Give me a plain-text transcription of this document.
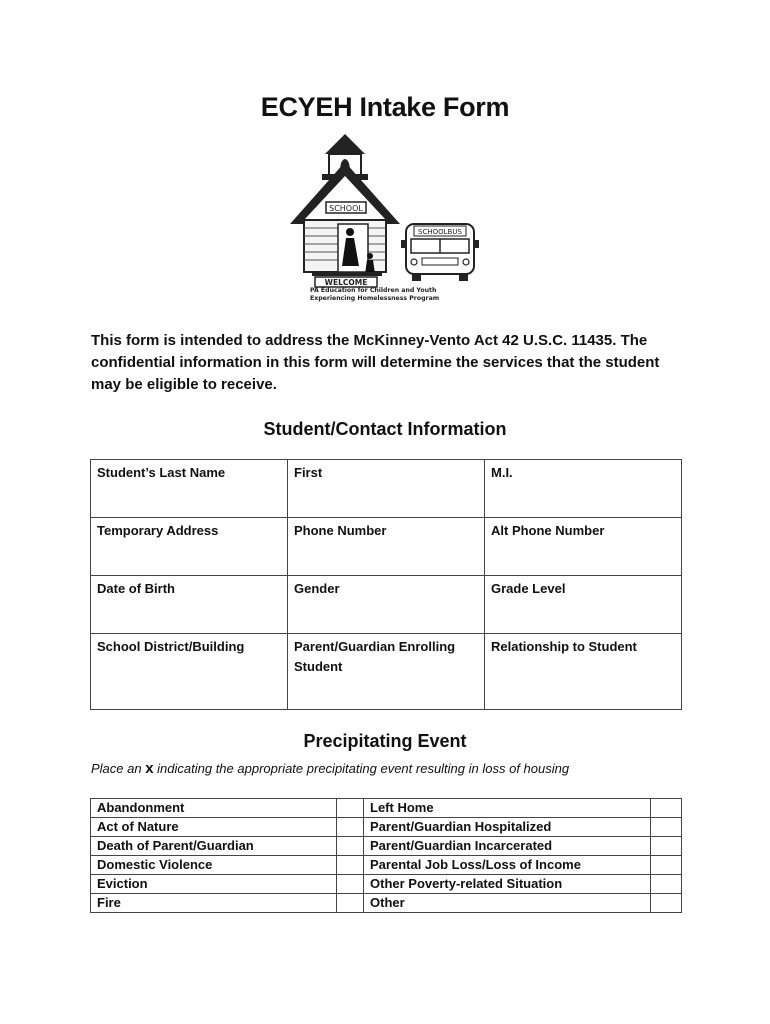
ECYEH Intake Form
SCHOOL
WELCOME
SCHOOLBUS
PA Education for Children and Youth
Experiencing Homelessness Program
This form is intended to address the McKinney-Vento Act 42 U.S.C. 11435. The confidential information in this form will determine the services that the student may be eligible to receive.
Student/Contact Information
Student’s Last Name	First	M.I.
Temporary Address	Phone Number	Alt Phone Number
Date of Birth	Gender	Grade Level
School District/Building	Parent/Guardian Enrolling Student	Relationship to Student
Precipitating Event
Place an x indicating the appropriate precipitating event resulting in loss of housing
Abandonment		Left Home	
Act of Nature		Parent/Guardian Hospitalized	
Death of Parent/Guardian		Parent/Guardian Incarcerated	
Domestic Violence		Parental Job Loss/Loss of Income	
Eviction		Other Poverty-related Situation	
Fire		Other	
